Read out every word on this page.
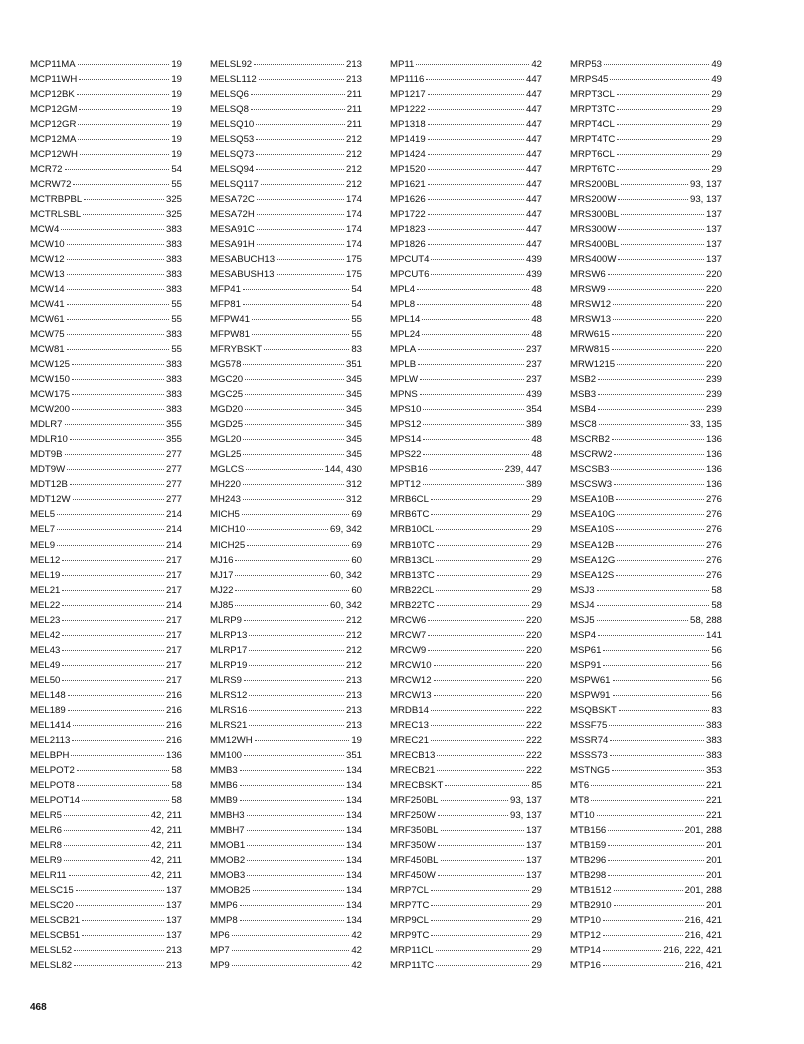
MCP11MA	19
MCP11WH	19
MCP12BK	19
MCP12GM	19
MCP12GR	19
MCP12MA	19
MCP12WH	19
MCR72	54
MCRW72	55
MCTRBPBL	325
MCTRLSBL	325
MCW4	383
MCW10	383
MCW12	383
MCW13	383
MCW14	383
MCW41	55
MCW61	55
MCW75	383
MCW81	55
MCW125	383
MCW150	383
MCW175	383
MCW200	383
MDLR7	355
MDLR10	355
MDT9B	277
MDT9W	277
MDT12B	277
MDT12W	277
MEL5	214
MEL7	214
MEL9	214
MEL12	217
MEL19	217
MEL21	217
MEL22	214
MEL23	217
MEL42	217
MEL43	217
MEL49	217
MEL50	217
MEL148	216
MEL189	216
MEL1414	216
MEL2113	216
MELBPH	136
MELPOT2	58
MELPOT8	58
MELPOT14	58
MELR5	42, 211
MELR6	42, 211
MELR8	42, 211
MELR9	42, 211
MELR11	42, 211
MELSC15	137
MELSC20	137
MELSCB21	137
MELSCB51	137
MELSL52	213
MELSL82	213
MELSL92	213
MELSL112	213
MELSQ6	211
MELSQ8	211
MELSQ10	211
MELSQ53	212
MELSQ73	212
MELSQ94	212
MELSQ117	212
MESA72C	174
MESA72H	174
MESA91C	174
MESA91H	174
MESABUCH13	175
MESABUSH13	175
MFP41	54
MFP81	54
MFPW41	55
MFPW81	55
MFRYBSKT	83
MG578	351
MGC20	345
MGC25	345
MGD20	345
MGD25	345
MGL20	345
MGL25	345
MGLCS	144, 430
MH220	312
MH243	312
MICH5	69
MICH10	69, 342
MICH25	69
MJ16	60
MJ17	60, 342
MJ22	60
MJ85	60, 342
MLRP9	212
MLRP13	212
MLRP17	212
MLRP19	212
MLRS9	213
MLRS12	213
MLRS16	213
MLRS21	213
MM12WH	19
MM100	351
MMB3	134
MMB6	134
MMB9	134
MMBH3	134
MMBH7	134
MMOB1	134
MMOB2	134
MMOB3	134
MMOB25	134
MMP6	134
MMP8	134
MP6	42
MP7	42
MP9	42
MP11	42
MP1116	447
MP1217	447
MP1222	447
MP1318	447
MP1419	447
MP1424	447
MP1520	447
MP1621	447
MP1626	447
MP1722	447
MP1823	447
MP1826	447
MPCUT4	439
MPCUT6	439
MPL4	48
MPL8	48
MPL14	48
MPL24	48
MPLA	237
MPLB	237
MPLW	237
MPNS	439
MPS10	354
MPS12	389
MPS14	48
MPS22	48
MPSB16	239, 447
MPT12	389
MRB6CL	29
MRB6TC	29
MRB10CL	29
MRB10TC	29
MRB13CL	29
MRB13TC	29
MRB22CL	29
MRB22TC	29
MRCW6	220
MRCW7	220
MRCW9	220
MRCW10	220
MRCW12	220
MRCW13	220
MRDB14	222
MREC13	222
MREC21	222
MRECB13	222
MRECB21	222
MRECBSKT	85
MRF250BL	93, 137
MRF250W	93, 137
MRF350BL	137
MRF350W	137
MRF450BL	137
MRF450W	137
MRP7CL	29
MRP7TC	29
MRP9CL	29
MRP9TC	29
MRP11CL	29
MRP11TC	29
MRP53	49
MRPS45	49
MRPT3CL	29
MRPT3TC	29
MRPT4CL	29
MRPT4TC	29
MRPT6CL	29
MRPT6TC	29
MRS200BL	93, 137
MRS200W	93, 137
MRS300BL	137
MRS300W	137
MRS400BL	137
MRS400W	137
MRSW6	220
MRSW9	220
MRSW12	220
MRSW13	220
MRW615	220
MRW815	220
MRW1215	220
MSB2	239
MSB3	239
MSB4	239
MSC8	33, 135
MSCRB2	136
MSCRW2	136
MSCSB3	136
MSCSW3	136
MSEA10B	276
MSEA10G	276
MSEA10S	276
MSEA12B	276
MSEA12G	276
MSEA12S	276
MSJ3	58
MSJ4	58
MSJ5	58, 288
MSP4	141
MSP61	56
MSP91	56
MSPW61	56
MSPW91	56
MSQBSKT	83
MSSF75	383
MSSR74	383
MSSS73	383
MSTNG5	353
MT6	221
MT8	221
MT10	221
MTB156	201, 288
MTB159	201
MTB296	201
MTB298	201
MTB1512	201, 288
MTB2910	201
MTP10	216, 421
MTP12	216, 421
MTP14	216, 222, 421
MTP16	216, 421
468
